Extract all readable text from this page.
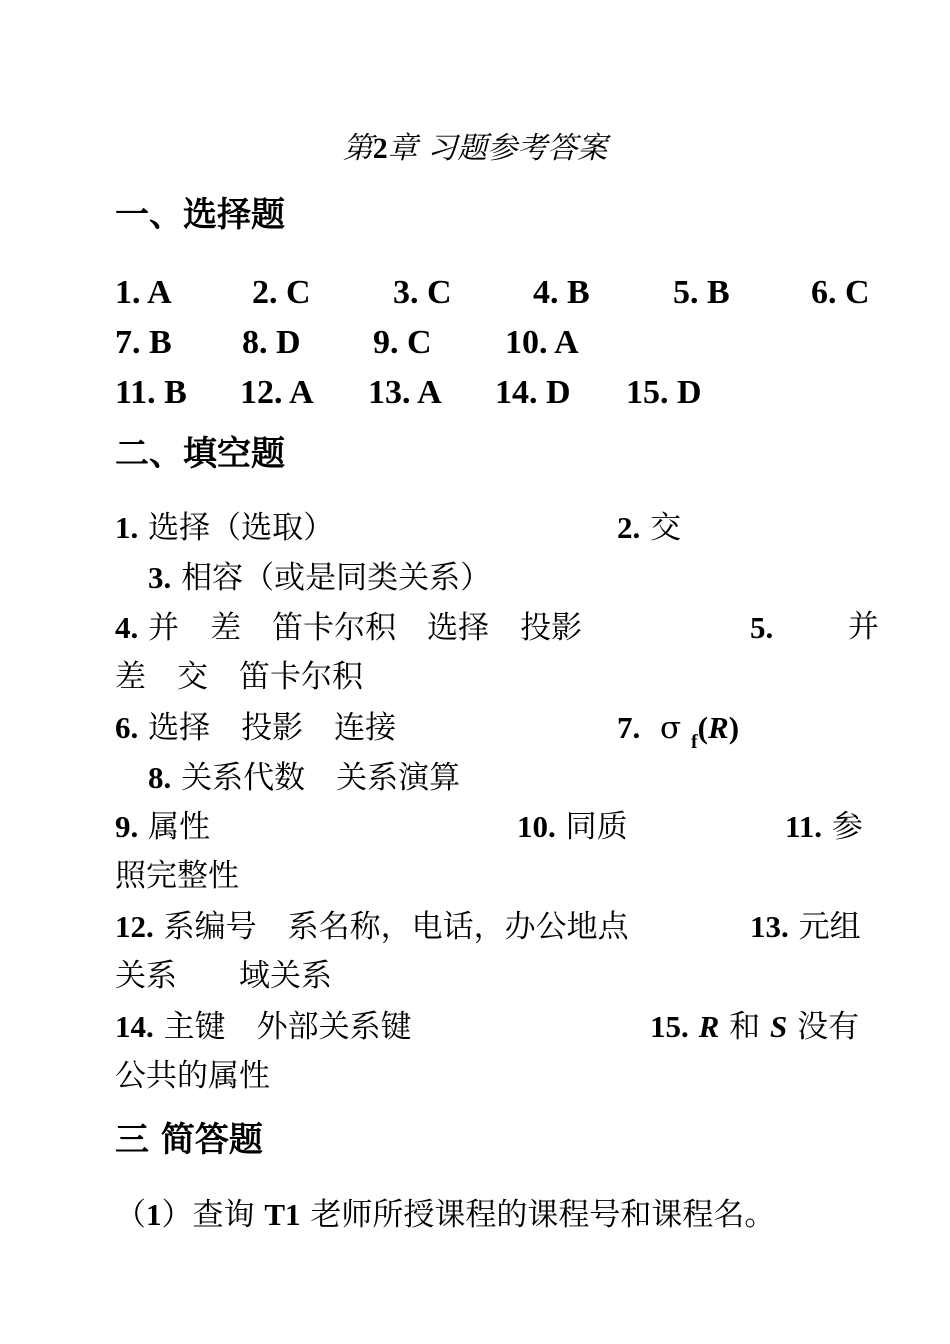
第2章 习题参考答案
一、选择题
1. A 2. C 3. C 4. B 5. B 6. C
7. B 8. D 9. C 10. A
11. B 12. A 13. A 14. D 15. D
二、填空题
1. 选择（选取）	2. 交
3. 相容（或是同类关系）
4. 并　差　笛卡尔积　选择　投影	5. 并
差　交　笛卡尔积
6. 选择　投影　连接	7. σ $_f$(R)
8. 关系代数　关系演算
9. 属性	10. 同质	11. 参
照完整性
12. 系编号　系名称，电话，办公地点	13. 元组
关系　　域关系
14. 主键　外部关系键	15. R 和 S 没有
公共的属性
三 简答题
（1）查询 T1 老师所授课程的课程号和课程名。
